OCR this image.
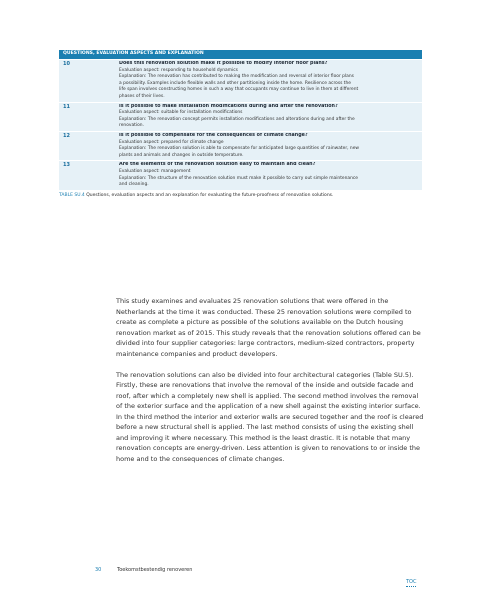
QUESTIONS, EVALUATION ASPECTS AND EXPLANATION
10	Does this renovation solution make it possible to modify interior floor plans?
Evaluation aspect: responding to household dynamics
Explanation: The renovation has contributed to making the modification and reversal of interior floor plans
a possibility. Examples include flexible walls and other partitioning inside the home. Resilience across the
life span involves constructing homes in such a way that occupants may continue to live in them at different
phases of their lives.
11	Is it possible to make installation modifications during and after the renovation?
Evaluation aspect: suitable for installation modifications
Explanation: The renovation concept permits installation modifications and alterations during and after the
renovation.
12	Is it possible to compensate for the consequences of climate change?
Evaluation aspect: prepared for climate change
Explanation: The renovation solution is able to compensate for anticipated large quantities of rainwater, new
plants and animals and changes in outside temperature.
13	Are the elements of the renovation solution easy to maintain and clean?
Evaluation aspect: management
Explanation: The structure of the renovation solution must make it possible to carry out simple maintenance
and cleaning.
TABLE SU.4 Questions, evaluation aspects and an explanation for evaluating the future-proofness of renovation solutions.

This study examines and evaluates 25 renovation solutions that were offered in the Netherlands at the time it was conducted. These 25 renovation solutions were compiled to create as complete a picture as possible of the solutions available on the Dutch housing renovation market as of 2015. This study reveals that the renovation solutions offered can be divided into four supplier categories: large contractors, medium-sized contractors, property maintenance companies and product developers.

The renovation solutions can also be divided into four architectural categories (Table SU.5). Firstly, these are renovations that involve the removal of the inside and outside facade and roof, after which a completely new shell is applied. The second method involves the removal of the exterior surface and the application of a new shell against the existing interior surface. In the third method the interior and exterior walls are secured together and the roof is cleared before a new structural shell is applied. The last method consists of using the existing shell and improving it where necessary. This method is the least drastic. It is notable that many renovation concepts are energy-driven. Less attention is given to renovations to or inside the home and to the consequences of climate changes.

30	Toekomstbestendig renoveren
TOC
